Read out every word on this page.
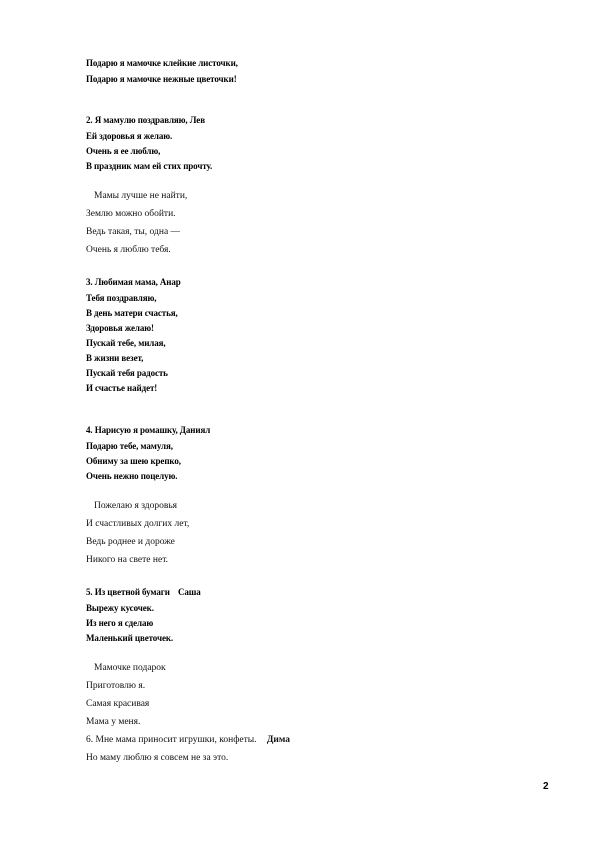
Подарю я мамочке клейкие листочки,
Подарю я мамочке нежные цветочки!
2. Я мамулю поздравляю, Лев
Ей здоровья я желаю.
Очень я ее люблю,
В праздник мам ей стих прочту.
Мамы лучше не найти,
Землю можно обойти.
Ведь такая, ты, одна —
Очень я люблю тебя.
3. Любимая мама, Анар
Тебя поздравляю,
В день матери счастья,
Здоровья желаю!
Пускай тебе, милая,
В жизни везет,
Пускай тебя радость
И счастье найдет!
4. Нарисую я ромашку, Даниял
Подарю тебе, мамуля,
Обниму за шею крепко,
Очень нежно поцелую.
Пожелаю я здоровья
И счастливых долгих лет,
Ведь роднее и дороже
Никого на свете нет.
5. Из цветной бумаги Саша
Вырежу кусочек.
Из него я сделаю
Маленький цветочек.
Мамочке подарок
Приготовлю я.
Самая красивая
Мама у меня.
6. Мне мама приносит игрушки, конфеты. Дима
Но маму люблю я совсем не за это.
2
